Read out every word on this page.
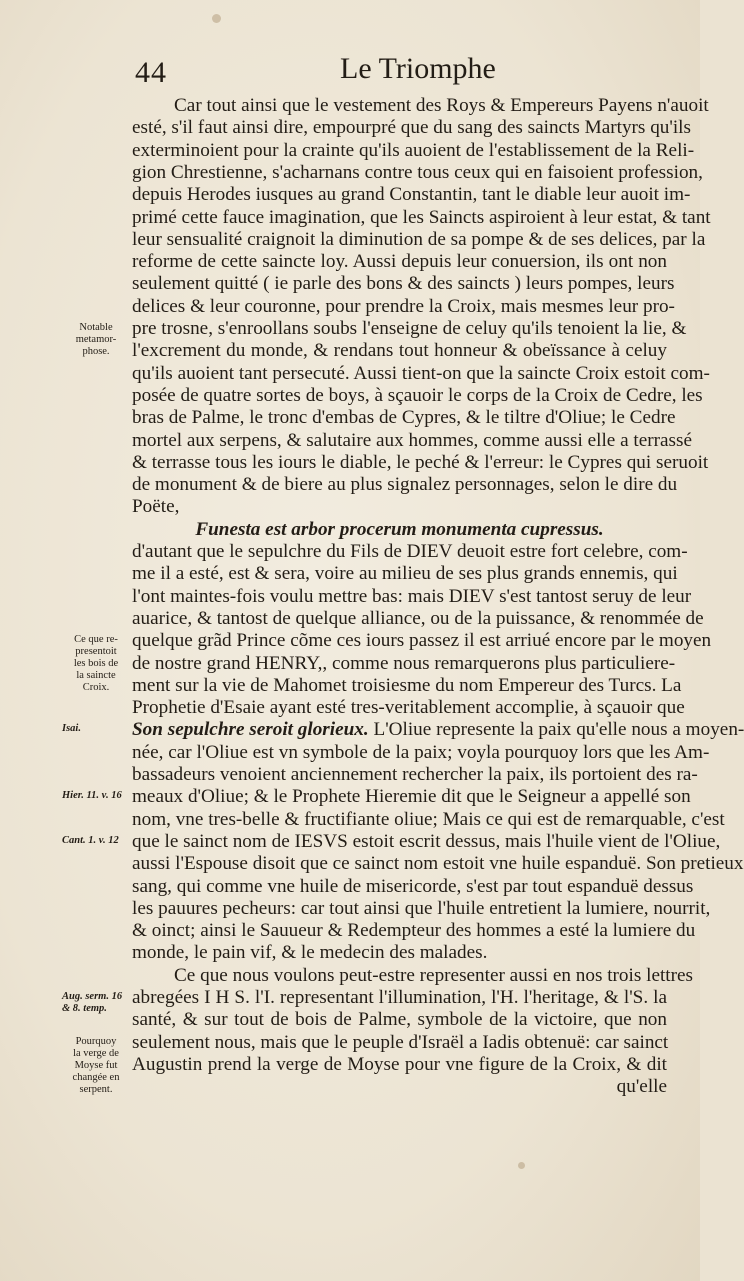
44	Le Triomphe
Car tout ainsi que le vestement des Roys & Empereurs Payens n'auoit
esté, s'il faut ainsi dire, empourpré que du sang des saincts Martyrs qu'ils
exterminoient pour la crainte qu'ils auoient de l'establissement de la Reli-
gion Chrestienne, s'acharnans contre tous ceux qui en faisoient profession,
depuis Herodes iusques au grand Constantin, tant le diable leur auoit im-
primé cette fauce imagination, que les Saincts aspiroient à leur estat, & tant
leur sensualité craignoit la diminution de sa pompe & de ses delices, par la
reforme de cette saincte loy. Aussi depuis leur conuersion, ils ont non
seulement quitté ( ie parle des bons & des saincts ) leurs pompes, leurs
delices & leur couronne, pour prendre la Croix, mais mesmes leur pro-
pre trosne, s'enroollans soubs l'enseigne de celuy qu'ils tenoient la lie, &
l'excrement du monde, & rendans tout honneur & obeïssance à celuy
qu'ils auoient tant persecuté. Aussi tient-on que la saincte Croix estoit com-
posée de quatre sortes de boys, à sçauoir le corps de la Croix de Cedre, les
bras de Palme, le tronc d'embas de Cypres, & le tiltre d'Oliue; le Cedre
mortel aux serpens, & salutaire aux hommes, comme aussi elle a terrassé
& terrasse tous les iours le diable, le peché & l'erreur: le Cypres qui seruoit
de monument & de biere au plus signalez personnages, selon le dire du
Poëte,
Funesta est arbor procerum monumenta cupressus.
d'autant que le sepulchre du Fils de DIEV deuoit estre fort celebre, com-
me il a esté, est & sera, voire au milieu de ses plus grands ennemis, qui
l'ont maintes-fois voulu mettre bas: mais DIEV s'est tantost seruy de leur
auarice, & tantost de quelque alliance, ou de la puissance, & renommée de
quelque grãd Prince cõme ces iours passez il est arriué encore par le moyen
de nostre grand HENRY,, comme nous remarquerons plus particuliere-
ment sur la vie de Mahomet troisiesme du nom Empereur des Turcs. La
Prophetie d'Esaie ayant esté tres-veritablement accomplie, à sçauoir que
Son sepulchre seroit glorieux. L'Oliue represente la paix qu'elle nous a moyen-
née, car l'Oliue est vn symbole de la paix; voyla pourquoy lors que les Am-
bassadeurs venoient anciennement rechercher la paix, ils portoient des ra-
meaux d'Oliue; & le Prophete Hieremie dit que le Seigneur a appellé son
nom, vne tres-belle & fructifiante oliue; Mais ce qui est de remarquable, c'est
que le sainct nom de IESVS estoit escrit dessus, mais l'huile vient de l'Oliue,
aussi l'Espouse disoit que ce sainct nom estoit vne huile espanduë. Son pretieux
sang, qui comme vne huile de misericorde, s'est par tout espanduë dessus
les pauures pecheurs: car tout ainsi que l'huile entretient la lumiere, nourrit,
& oinct; ainsi le Sauueur & Redempteur des hommes a esté la lumiere du
monde, le pain vif, & le medecin des malades.
Ce que nous voulons peut-estre representer aussi en nos trois lettres
abregées I H S. l'I. representant l'illumination, l'H. l'heritage, & l'S. la
santé, & sur tout de bois de Palme, symbole de la victoire, que non
seulement nous, mais que le peuple d'Israël a Iadis obtenuë: car sainct
Augustin prend la verge de Moyse pour vne figure de la Croix, & dit
qu'elle
Notable
metamor-
phose.
Ce que re-
presentoit
les bois de
la saincte
Croix.
Isai.
Hier. 11. v. 16
Cant. 1. v. 12
Aug. serm. 16
& 8. temp.
Pourquoy
la verge de
Moyse fut
changée en
serpent.
